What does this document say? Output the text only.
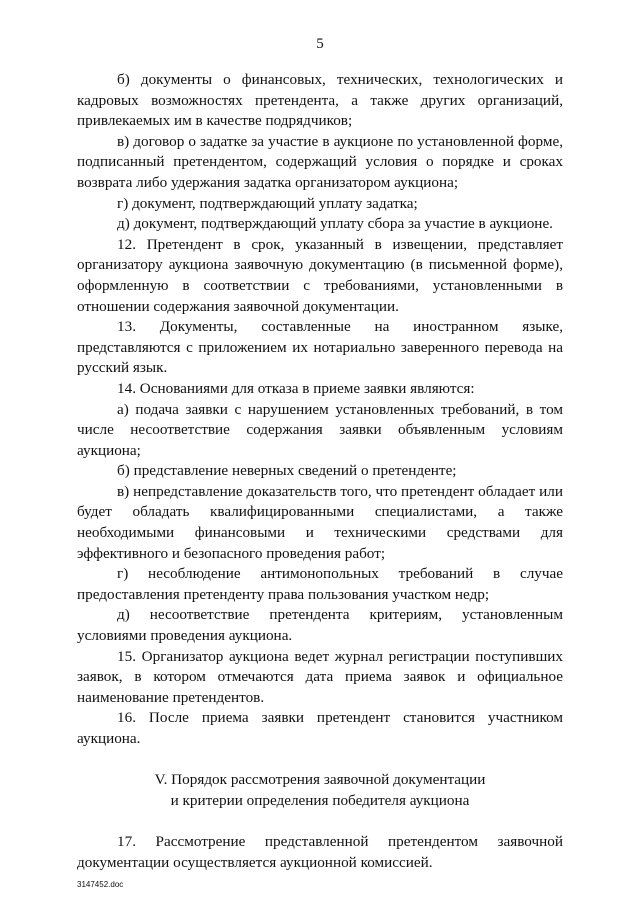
5

б) документы о финансовых, технических, технологических и кадровых возможностях претендента, а также других организаций, привлекаемых им в качестве подрядчиков;

в) договор о задатке за участие в аукционе по установленной форме, подписанный претендентом, содержащий условия о порядке и сроках возврата либо удержания задатка организатором аукциона;

г) документ, подтверждающий уплату задатка;

д) документ, подтверждающий уплату сбора за участие в аукционе.

12. Претендент в срок, указанный в извещении, представляет организатору аукциона заявочную документацию (в письменной форме), оформленную в соответствии с требованиями, установленными в отношении содержания заявочной документации.

13. Документы, составленные на иностранном языке, представляются с приложением их нотариально заверенного перевода на русский язык.

14. Основаниями для отказа в приеме заявки являются:

а) подача заявки с нарушением установленных требований, в том числе несоответствие содержания заявки объявленным условиям аукциона;

б) представление неверных сведений о претенденте;

в) непредставление доказательств того, что претендент обладает или будет обладать квалифицированными специалистами, а также необходимыми финансовыми и техническими средствами для эффективного и безопасного проведения работ;

г) несоблюдение антимонопольных требований в случае предоставления претенденту права пользования участком недр;

д) несоответствие претендента критериям, установленным условиями проведения аукциона.

15. Организатор аукциона ведет журнал регистрации поступивших заявок, в котором отмечаются дата приема заявок и официальное наименование претендентов.

16. После приема заявки претендент становится участником аукциона.

V. Порядок рассмотрения заявочной документации

и критерии определения победителя аукциона

17. Рассмотрение представленной претендентом заявочной документации осуществляется аукционной комиссией.

3147452.doc
